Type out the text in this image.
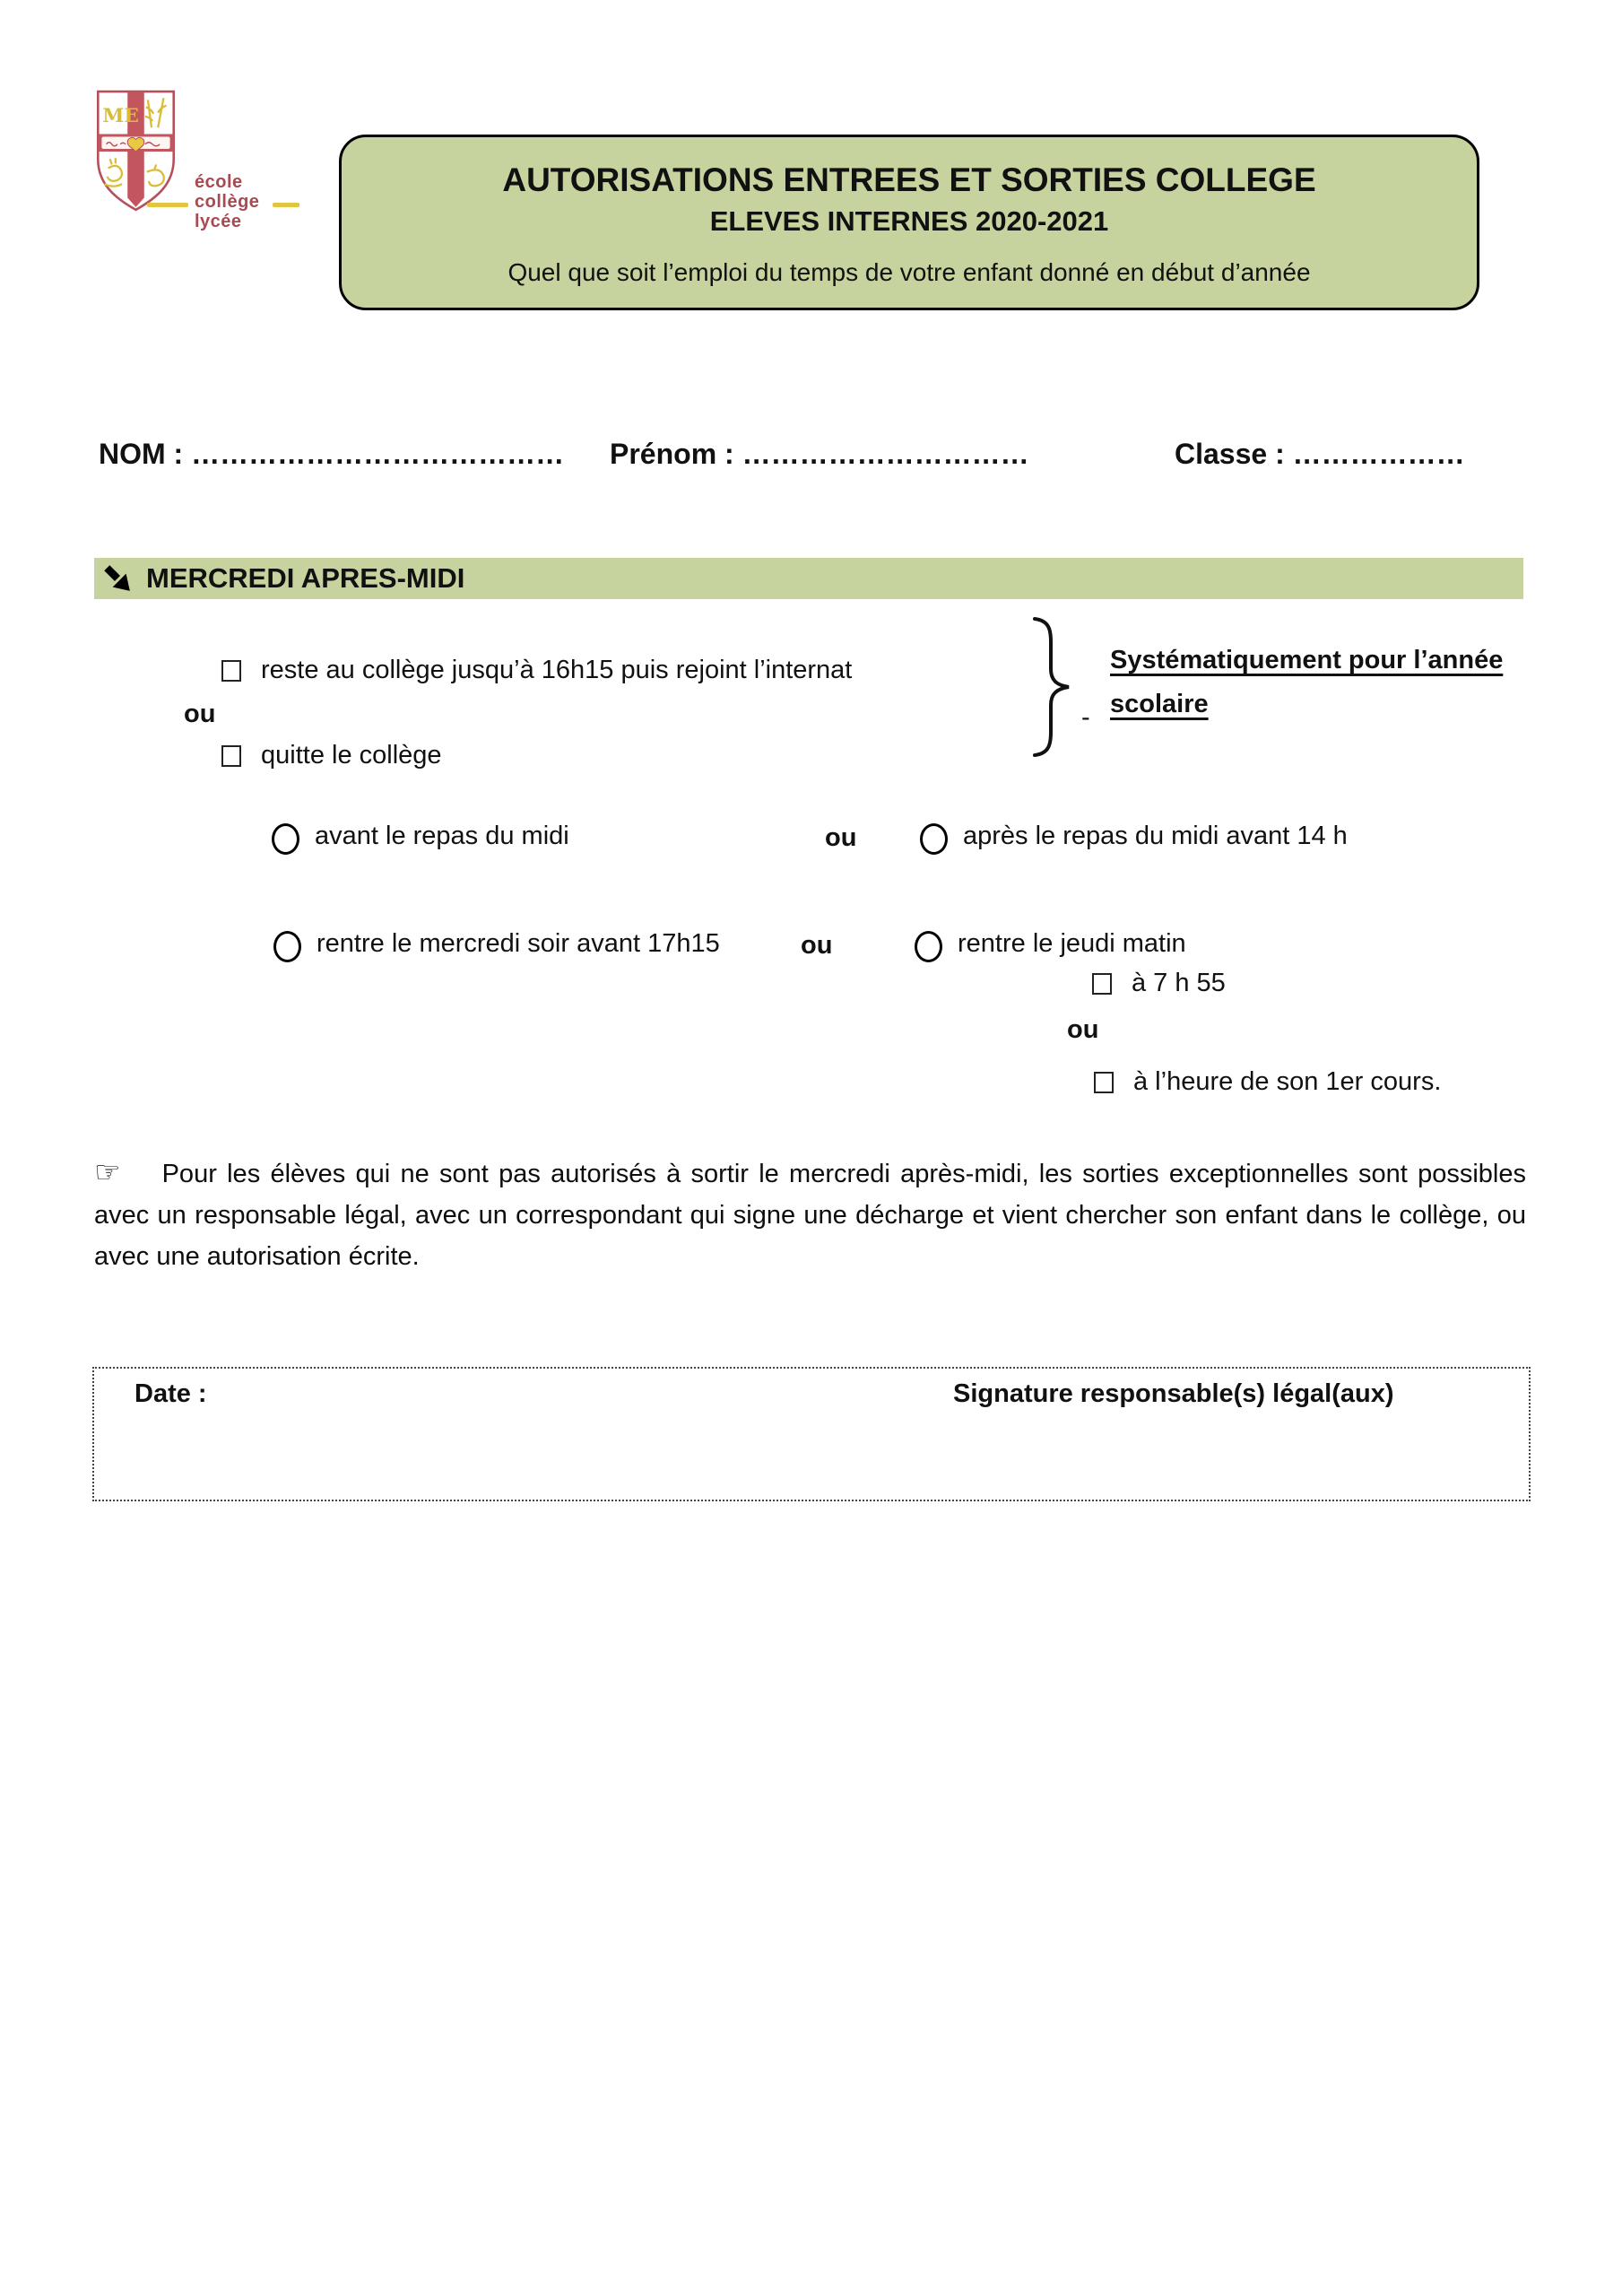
ME
école
collège
lycée
AUTORISATIONS ENTREES ET SORTIES COLLEGE
ELEVES INTERNES 2020-2021
Quel que soit l’emploi du temps de votre enfant donné en début d’année
NOM : ………………………………… Prénom : …………………………	Classe : ………………
MERCREDI APRES-MIDI
reste au collège jusqu’à 16h15 puis rejoint l’internat
ou
quitte le collège
-
Systématiquement pour l’année scolaire
avant le repas du midi	ou	après le repas du midi avant 14 h
rentre le mercredi soir avant 17h15	ou	rentre le jeudi matin
à 7 h 55
ou
à l’heure de son 1er cours.
☞ Pour les élèves qui ne sont pas autorisés à sortir le mercredi après-midi, les sorties exceptionnelles sont possibles avec un responsable légal, avec un correspondant qui signe une décharge et vient chercher son enfant dans le collège, ou avec une autorisation écrite.
Date :	Signature responsable(s) légal(aux)
